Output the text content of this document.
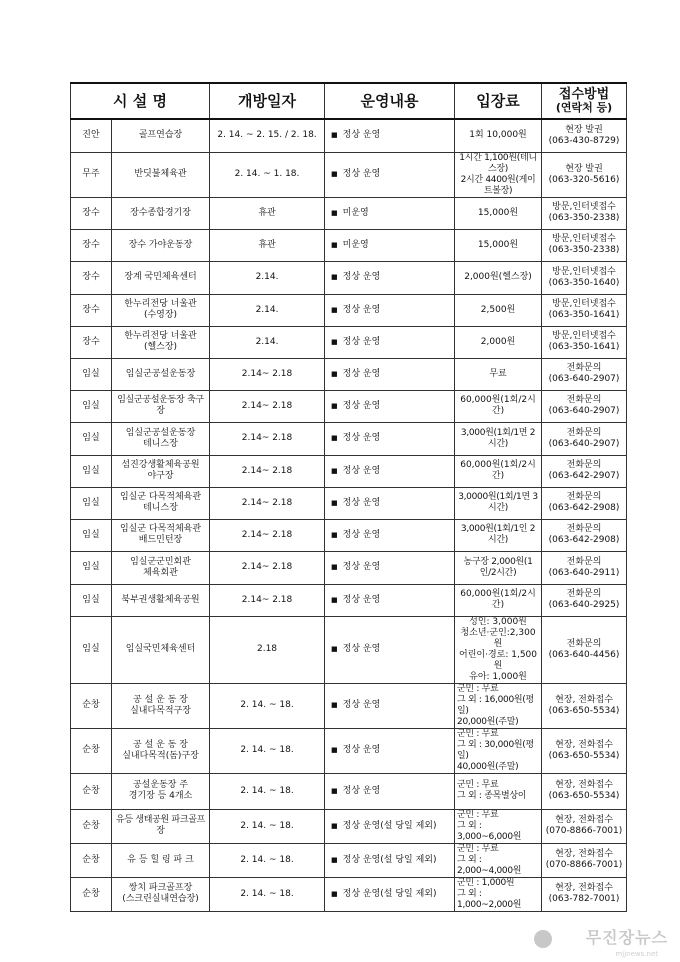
시 설 명		개방일자	운영내용	입장료	접수방법
(연락처 등)

진안	골프연습장	2. 14. ~ 2. 15. / 2. 18.	■ 정상 운영	1회 10,000원	현장 발권
(063-430-8729)
무주	반딧불체육관	2. 14. ~ 1. 18.	■ 정상 운영	1시간 1,100원(테니스장)
2시간 4400원(게이트볼장)	현장 발권
(063-320-5616)
장수	장수종합경기장	휴관	■ 미운영	15,000원	방문,인터넷접수
(063-350-2338)
장수	장수 가야운동장	휴관	■ 미운영	15,000원	방문,인터넷접수
(063-350-2338)
장수	장계 국민체육센터	2.14.	■ 정상 운영	2,000원(헬스장)	방문,인터넷접수
(063-350-1640)
장수	한누리전당 너울관
(수영장)	2.14.	■ 정상 운영	2,500원	방문,인터넷접수
(063-350-1641)
장수	한누리전당 너울관
(헬스장)	2.14.	■ 정상 운영	2,000원	방문,인터넷접수
(063-350-1641)
임실	임실군공설운동장	2.14~ 2.18	■ 정상 운영	무료	전화문의
(063-640-2907)
임실	임실군공설운동장 축구장	2.14~ 2.18	■ 정상 운영	60,000원(1회/2시간)	전화문의
(063-640-2907)
임실	임실군공설운동장
테니스장	2.14~ 2.18	■ 정상 운영	3,000원(1회/1면 2시간)	전화문의
(063-640-2907)
임실	섬진강생활체육공원
야구장	2.14~ 2.18	■ 정상 운영	60,000원(1회/2시간)	전화문의
(063-642-2907)
임실	임실군 다목적체육관
테니스장	2.14~ 2.18	■ 정상 운영	3,0000원(1회/1면 3시간)	전화문의
(063-642-2908)
임실	임실군 다목적체육관
배드민턴장	2.14~ 2.18	■ 정상 운영	3,000원(1회/1인 2시간)	전화문의
(063-642-2908)
임실	임실군군민회관
체육회관	2.14~ 2.18	■ 정상 운영	농구장 2,000원(1인/2시간)	전화문의
(063-640-2911)
임실	북부권생활체육공원	2.14~ 2.18	■ 정상 운영	60,000원(1회/2시간)	전화문의
(063-640-2925)
임실	임실국민체육센터	2.18	■ 정상 운영	성인: 3,000원
청소년·군인:2,300원
어린이·경로: 1,500원
유아: 1,000원	전화문의
(063-640-4456)
순창	공 설 운 동 장
실내다목적구장	2. 14. ~ 18.	■ 정상 운영	군민 : 무료
그 외 : 16,000원(평일)
20,000원(주말)	현장, 전화접수
(063-650-5534)
순창	공 설 운 동 장
실내다목적(돔)구장	2. 14. ~ 18.	■ 정상 운영	군민 : 무료
그 외 : 30,000원(평일)
40,000원(주말)	현장, 전화접수
(063-650-5534)
순창	공설운동장 주
경기장 등 4개소	2. 14. ~ 18.	■ 정상 운영	군민 : 무료
그 외 : 종목별상이	현장, 전화접수
(063-650-5534)
순창	유등 생태공원 파크골프장	2. 14. ~ 18.	■ 정상 운영(설 당일 제외)	군민 : 무료
그 외 : 3,000~6,000원	현장, 전화접수
(070-8866-7001)
순창	유 등 힐 링 파 크	2. 14. ~ 18.	■ 정상 운영(설 당일 제외)	군민 : 무료
그 외 : 2,000~4,000원	현장, 전화접수
(070-8866-7001)
순창	쌍치 파크골프장
(스크린실내연습장)	2. 14. ~ 18.	■ 정상 운영(설 당일 제외)	군민 : 1,000원
그 외 : 1,000~2,000원	현장, 전화접수
(063-782-7001)
무진장뉴스
mjjnews.net
